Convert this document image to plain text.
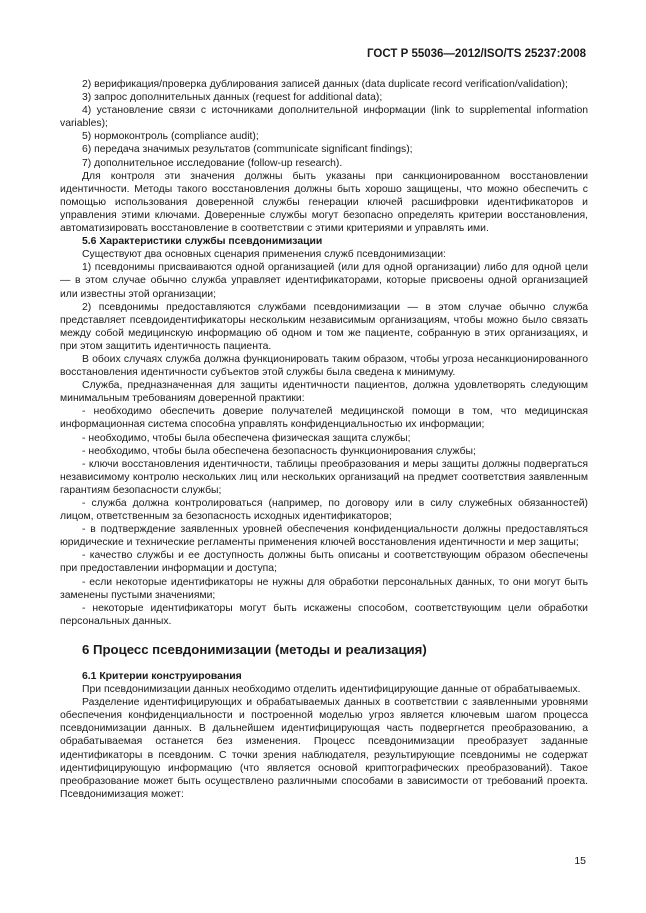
ГОСТ Р 55036—2012/ISO/TS 25237:2008

2) верификация/проверка дублирования записей данных (data duplicate record verification/validation);

3) запрос дополнительных данных (request for additional data);

4) установление связи с источниками дополнительной информации (link to supplemental information variables);

5) нормоконтроль (compliance audit);

6) передача значимых результатов (communicate significant findings);

7) дополнительное исследование (follow-up research).

Для контроля эти значения должны быть указаны при санкционированном восстановлении идентичности. Методы такого восстановления должны быть хорошо защищены, что можно обеспечить с помощью использования доверенной службы генерации ключей расшифровки идентификаторов и управления этими ключами. Доверенные службы могут безопасно определять критерии восстановления, автоматизировать восстановление в соответствии с этими критериями и управлять ими.

5.6 Характеристики службы псевдонимизации

Существуют два основных сценария применения служб псевдонимизации:

1) псевдонимы присваиваются одной организацией (или для одной организации) либо для одной цели — в этом случае обычно служба управляет идентификаторами, которые присвоены одной организацией или известны этой организации;

2) псевдонимы предоставляются службами псевдонимизации — в этом случае обычно служба представляет псевдоидентификаторы нескольким независимым организациям, чтобы можно было связать между собой медицинскую информацию об одном и том же пациенте, собранную в этих организациях, и при этом защитить идентичность пациента.

В обоих случаях служба должна функционировать таким образом, чтобы угроза несанкционированного восстановления идентичности субъектов этой службы была сведена к минимуму.

Служба, предназначенная для защиты идентичности пациентов, должна удовлетворять следующим минимальным требованиям доверенной практики:

- необходимо обеспечить доверие получателей медицинской помощи в том, что медицинская информационная система способна управлять конфиденциальностью их информации;

- необходимо, чтобы была обеспечена физическая защита службы;

- необходимо, чтобы была обеспечена безопасность функционирования службы;

- ключи восстановления идентичности, таблицы преобразования и меры защиты должны подвергаться независимому контролю нескольких лиц или нескольких организаций на предмет соответствия заявленным гарантиям безопасности службы;

- служба должна контролироваться (например, по договору или в силу служебных обязанностей) лицом, ответственным за безопасность исходных идентификаторов;

- в подтверждение заявленных уровней обеспечения конфиденциальности должны предоставляться юридические и технические регламенты применения ключей восстановления идентичности и мер защиты;

- качество службы и ее доступность должны быть описаны и соответствующим образом обеспечены при предоставлении информации и доступа;

- если некоторые идентификаторы не нужны для обработки персональных данных, то они могут быть заменены пустыми значениями;

- некоторые идентификаторы могут быть искажены способом, соответствующим цели обработки персональных данных.

6 Процесс псевдонимизации (методы и реализация)
6.1 Критерии конструирования

При псевдонимизации данных необходимо отделить идентифицирующие данные от обрабатываемых.

Разделение идентифицирующих и обрабатываемых данных в соответствии с заявленными уровнями обеспечения конфиденциальности и построенной моделью угроз является ключевым шагом процесса псевдонимизации данных. В дальнейшем идентифицирующая часть подвергнется преобразованию, а обрабатываемая останется без изменения. Процесс псевдонимизации преобразует заданные идентификаторы в псевдоним. С точки зрения наблюдателя, результирующие псевдонимы не содержат идентифицирующую информацию (что является основой криптографических преобразований). Такое преобразование может быть осуществлено различными способами в зависимости от требований проекта. Псевдонимизация может:

15
